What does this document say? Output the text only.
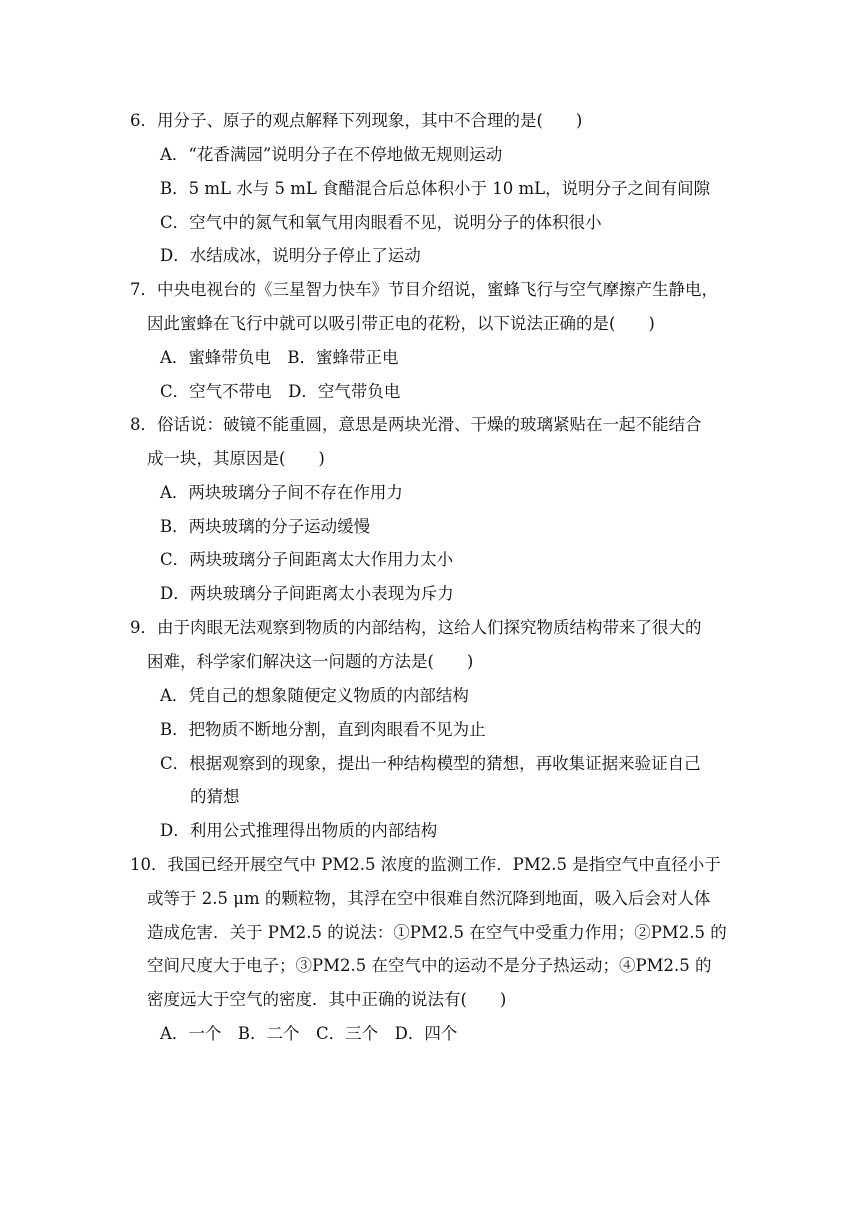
6．用分子、原子的观点解释下列现象，其中不合理的是(　　)

A．“花香满园”说明分子在不停地做无规则运动

B．5 mL 水与 5 mL 食醋混合后总体积小于 10 mL，说明分子之间有间隙

C．空气中的氮气和氧气用肉眼看不见，说明分子的体积很小

D．水结成冰，说明分子停止了运动

7．中央电视台的《三星智力快车》节目介绍说，蜜蜂飞行与空气摩擦产生静电，

因此蜜蜂在飞行中就可以吸引带正电的花粉，以下说法正确的是(　　)

A．蜜蜂带负电　B．蜜蜂带正电

C．空气不带电　D．空气带负电

8．俗话说：破镜不能重圆，意思是两块光滑、干燥的玻璃紧贴在一起不能结合

成一块，其原因是(　　)

A．两块玻璃分子间不存在作用力

B．两块玻璃的分子运动缓慢

C．两块玻璃分子间距离太大作用力太小

D．两块玻璃分子间距离太小表现为斥力

9．由于肉眼无法观察到物质的内部结构，这给人们探究物质结构带来了很大的

困难，科学家们解决这一问题的方法是(　　)

A．凭自己的想象随便定义物质的内部结构

B．把物质不断地分割，直到肉眼看不见为止

C．根据观察到的现象，提出一种结构模型的猜想，再收集证据来验证自己

的猜想

D．利用公式推理得出物质的内部结构

10．我国已经开展空气中 PM2.5 浓度的监测工作．PM2.5 是指空气中直径小于

或等于 2.5 μm 的颗粒物，其浮在空中很难自然沉降到地面，吸入后会对人体

造成危害．关于 PM2.5 的说法：①PM2.5 在空气中受重力作用；②PM2.5 的

空间尺度大于电子；③PM2.5 在空气中的运动不是分子热运动；④PM2.5 的

密度远大于空气的密度．其中正确的说法有(　　)

A．一个　B．二个　C．三个　D．四个
